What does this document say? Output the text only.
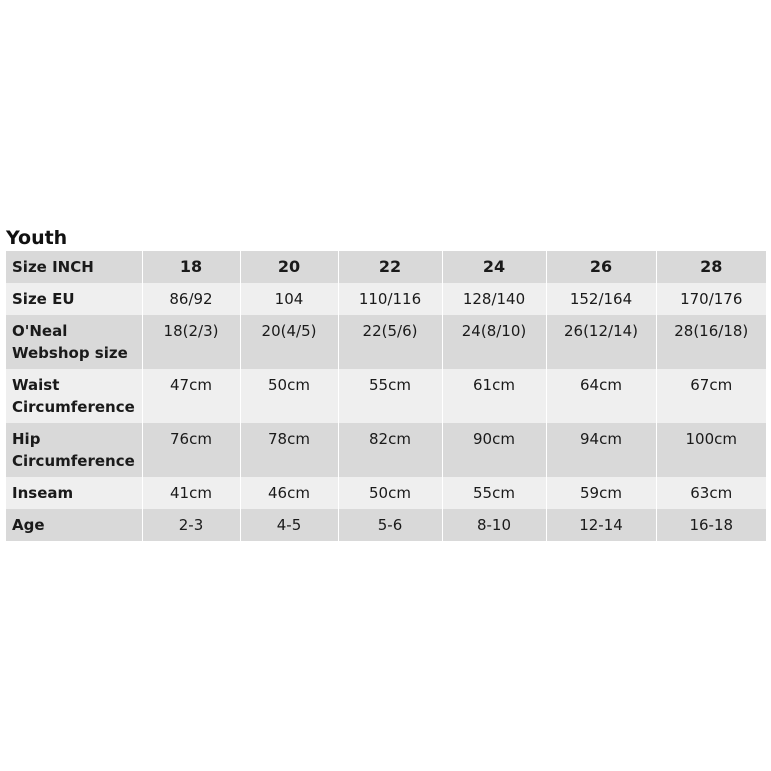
Youth
Size INCH	18	20	22	24	26	28
Size EU	86/92	104	110/116	128/140	152/164	170/176
O'Neal Webshop size	18(2/3)	20(4/5)	22(5/6)	24(8/10)	26(12/14)	28(16/18)
Waist Circumference	47cm	50cm	55cm	61cm	64cm	67cm
Hip Circumference	76cm	78cm	82cm	90cm	94cm	100cm
Inseam	41cm	46cm	50cm	55cm	59cm	63cm
Age	2-3	4-5	5-6	8-10	12-14	16-18
